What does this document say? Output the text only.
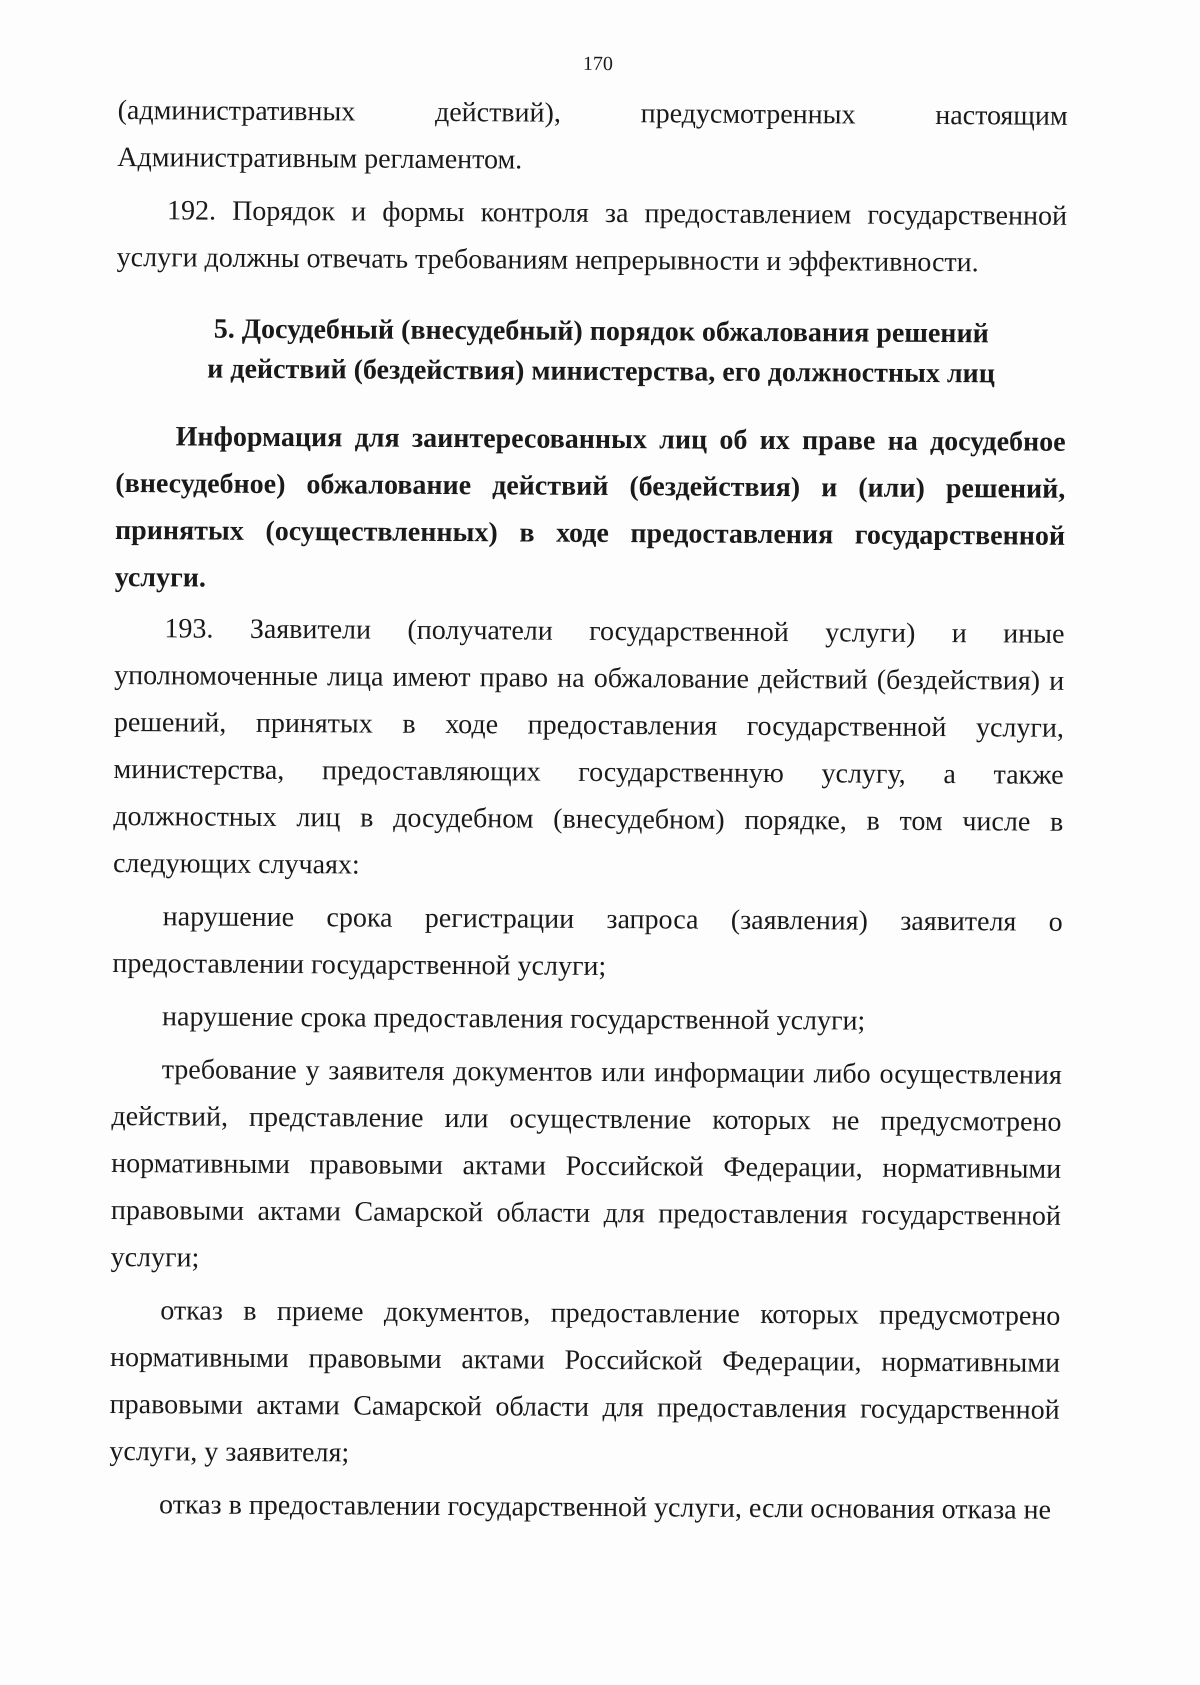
170

(административных действий), предусмотренных настоящим

Административным регламентом.

192. Порядок и формы контроля за предоставлением государственной услуги должны отвечать требованиям непрерывности и эффективности.

5. Досудебный (внесудебный) порядок обжалования решений
и действий (бездействия) министерства, его должностных лиц

Информация для заинтересованных лиц об их праве на досудебное (внесудебное) обжалование действий (бездействия) и (или) решений, принятых (осуществленных) в ходе предоставления государственной услуги.

193. Заявители (получатели государственной услуги) и иные уполномоченные лица имеют право на обжалование действий (бездействия) и решений, принятых в ходе предоставления государственной услуги, министерства, предоставляющих государственную услугу, а также должностных лиц в досудебном (внесудебном) порядке, в том числе в следующих случаях:

нарушение срока регистрации запроса (заявления) заявителя о предоставлении государственной услуги;

нарушение срока предоставления государственной услуги;

требование у заявителя документов или информации либо осуществления действий, представление или осуществление которых не предусмотрено нормативными правовыми актами Российской Федерации, нормативными правовыми актами Самарской области для предоставления государственной услуги;

отказ в приеме документов, предоставление которых предусмотрено нормативными правовыми актами Российской Федерации, нормативными правовыми актами Самарской области для предоставления государственной услуги, у заявителя;

отказ в предоставлении государственной услуги, если основания отказа не
